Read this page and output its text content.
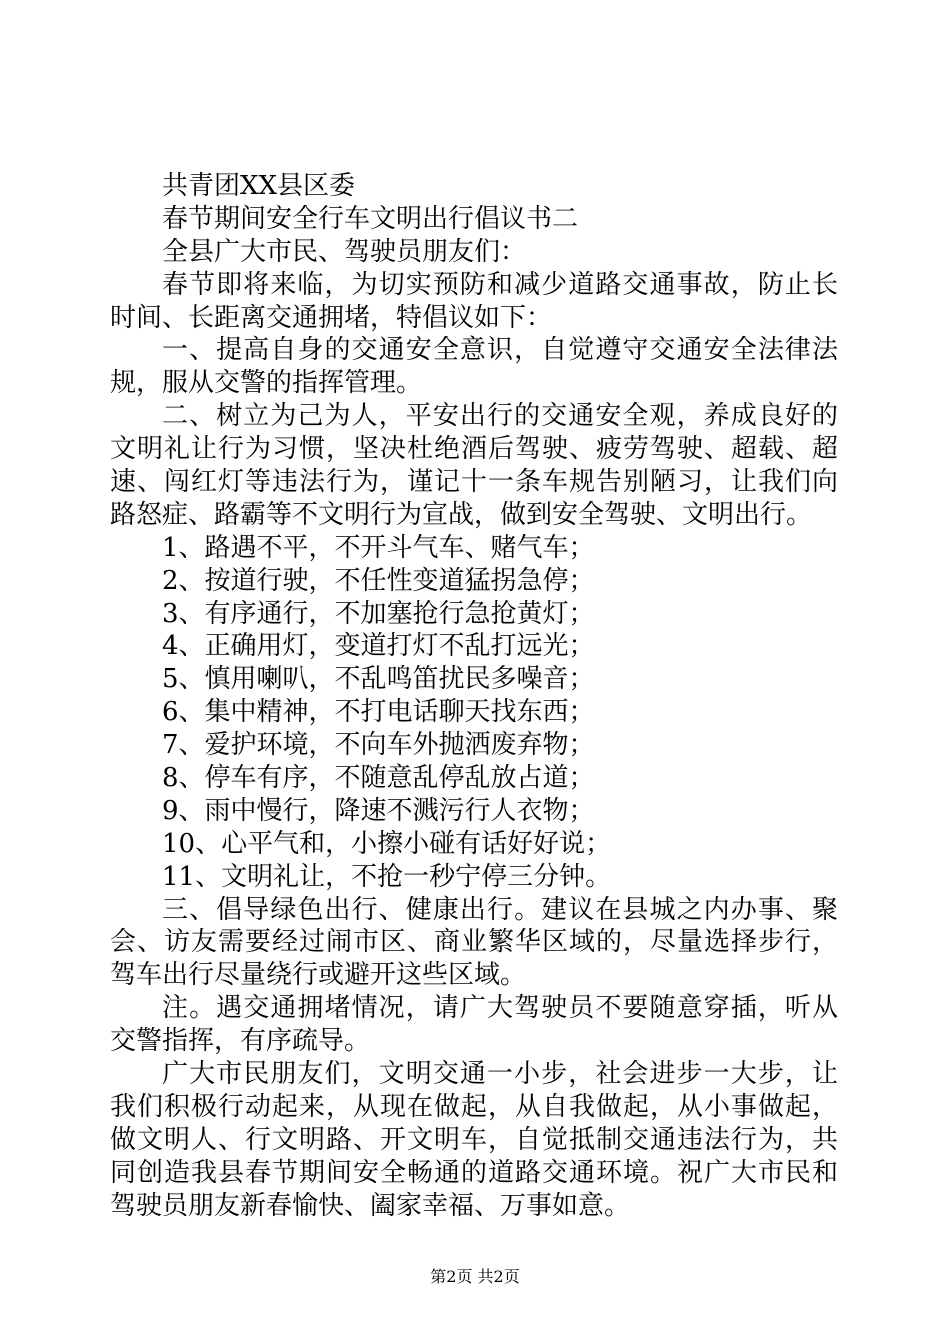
共青团XX县区委
春节期间安全行车文明出行倡议书二
全县广大市民、驾驶员朋友们：
春节即将来临，为切实预防和减少道路交通事故，防止长
时间、长距离交通拥堵，特倡议如下：
一、提高自身的交通安全意识，自觉遵守交通安全法律法
规，服从交警的指挥管理。
二、树立为己为人，平安出行的交通安全观，养成良好的
文明礼让行为习惯，坚决杜绝酒后驾驶、疲劳驾驶、超载、超
速、闯红灯等违法行为，谨记十一条车规告别陋习，让我们向
路怒症、路霸等不文明行为宣战，做到安全驾驶、文明出行。
1、路遇不平，不开斗气车、赌气车；
2、按道行驶，不任性变道猛拐急停；
3、有序通行，不加塞抢行急抢黄灯；
4、正确用灯，变道打灯不乱打远光；
5、慎用喇叭，不乱鸣笛扰民多噪音；
6、集中精神，不打电话聊天找东西；
7、爱护环境，不向车外抛洒废弃物；
8、停车有序，不随意乱停乱放占道；
9、雨中慢行，降速不溅污行人衣物；
10、心平气和，小擦小碰有话好好说；
11、文明礼让，不抢一秒宁停三分钟。
三、倡导绿色出行、健康出行。建议在县城之内办事、聚
会、访友需要经过闹市区、商业繁华区域的，尽量选择步行，
驾车出行尽量绕行或避开这些区域。
注。遇交通拥堵情况，请广大驾驶员不要随意穿插，听从
交警指挥，有序疏导。
广大市民朋友们，文明交通一小步，社会进步一大步，让
我们积极行动起来，从现在做起，从自我做起，从小事做起，
做文明人、行文明路、开文明车，自觉抵制交通违法行为，共
同创造我县春节期间安全畅通的道路交通环境。祝广大市民和
驾驶员朋友新春愉快、阖家幸福、万事如意。
第2页 共2页
